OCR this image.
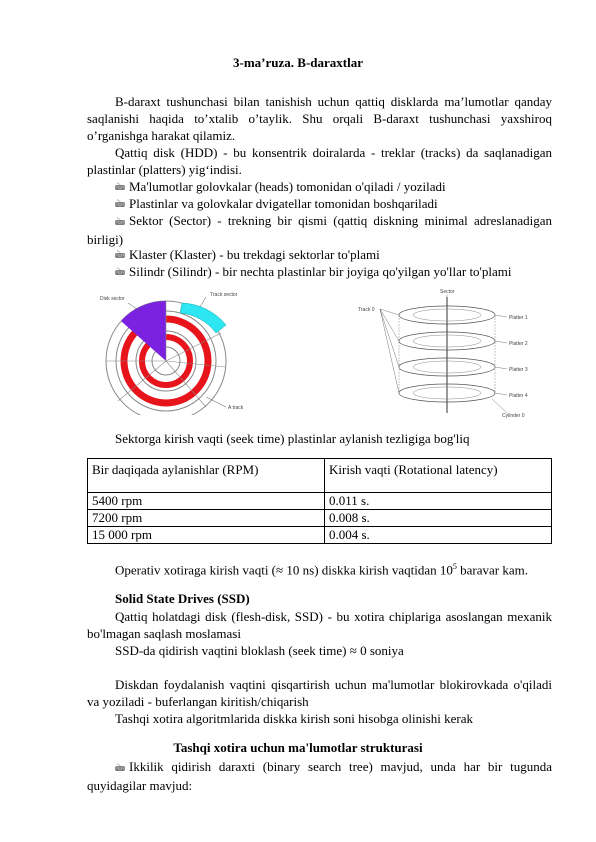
3-ma’ruza. B-daraxtlar
B-daraxt tushunchasi bilan tanishish uchun qattiq disklarda ma’lumotlar qanday saqlanishi haqida to’xtalib o’taylik. Shu orqali B-daraxt tushunchasi yaxshiroq o’rganishga harakat qilamiz.
Qattiq disk (HDD) - bu konsentrik doiralarda - treklar (tracks) da saqlanadigan plastinlar (platters) yig‘indisi.
🖮 Ma'lumotlar golovkalar (heads) tomonidan o'qiladi / yoziladi
🖮 Plastinlar va golovkalar dvigatellar tomonidan boshqariladi
🖮 Sektor (Sector) - trekning bir qismi (qattiq diskning minimal adreslanadigan birligi)
🖮 Klaster (Klaster) - bu trekdagi sektorlar to'plami
🖮 Silindr (Silindr) - bir nechta plastinlar bir joyiga qo'yilgan yo'llar to'plami
Disk sector
Track sector
A track
Sector
Track 0
Platter 1
Platter 2
Platter 3
Platter 4
Cylinder 0
Sektorga kirish vaqti (seek time) plastinlar aylanish tezligiga bog'liq
Bir daqiqada aylanishlar (RPM)	Kirish vaqti (Rotational latency)
5400 rpm	0.011 s.
7200 rpm	0.008 s.
15 000 rpm	0.004 s.
Operativ xotiraga kirish vaqti (≈ 10 ns) diskka kirish vaqtidan $10^5$ baravar kam.
Solid State Drives (SSD)
Qattiq holatdagi disk (flesh-disk, SSD) - bu xotira chiplariga asoslangan mexanik bo'lmagan saqlash moslamasi
SSD-da qidirish vaqtini bloklash (seek time) ≈ 0 soniya
Diskdan foydalanish vaqtini qisqartirish uchun ma'lumotlar blokirovkada o'qiladi va yoziladi - buferlangan kiritish/chiqarish
Tashqi xotira algoritmlarida diskka kirish soni hisobga olinishi kerak
Tashqi xotira uchun ma'lumotlar strukturasi
🖮 Ikkilik qidirish daraxti (binary search tree) mavjud, unda har bir tugunda quyidagilar mavjud:
